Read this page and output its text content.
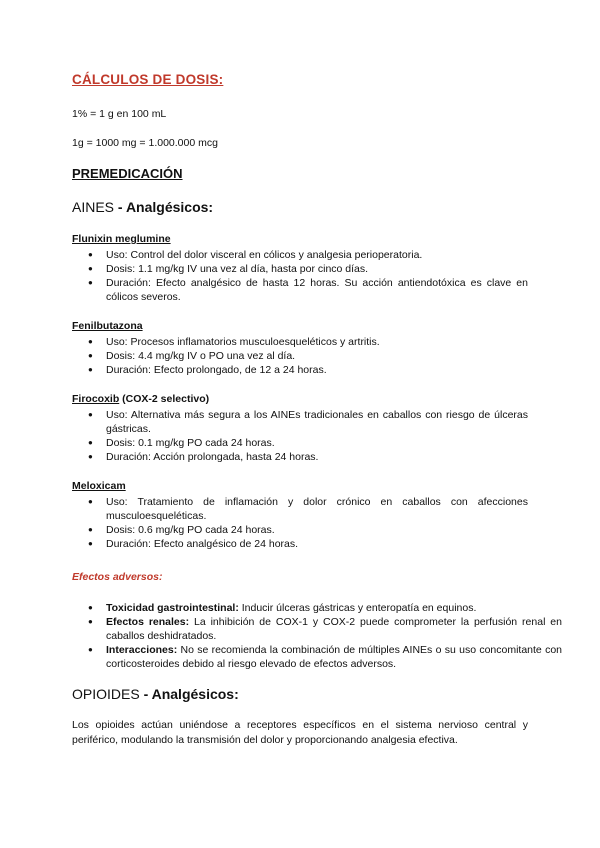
CÁLCULOS DE DOSIS:
1% = 1 g en 100 mL
1g = 1000 mg = 1.000.000 mcg
PREMEDICACIÓN
AINES - Analgésicos:
Flunixin meglumine
● Uso: Control del dolor visceral en cólicos y analgesia perioperatoria.
● Dosis: 1.1 mg/kg IV una vez al día, hasta por cinco días.
● Duración: Efecto analgésico de hasta 12 horas. Su acción antiendotóxica es clave en cólicos severos.
Fenilbutazona
● Uso: Procesos inflamatorios musculoesqueléticos y artritis.
● Dosis: 4.4 mg/kg IV o PO una vez al día.
● Duración: Efecto prolongado, de 12 a 24 horas.
Firocoxib (COX-2 selectivo)
● Uso: Alternativa más segura a los AINEs tradicionales en caballos con riesgo de úlceras gástricas.
● Dosis: 0.1 mg/kg PO cada 24 horas.
● Duración: Acción prolongada, hasta 24 horas.
Meloxicam
● Uso: Tratamiento de inflamación y dolor crónico en caballos con afecciones musculoesqueléticas.
● Dosis: 0.6 mg/kg PO cada 24 horas.
● Duración: Efecto analgésico de 24 horas.
Efectos adversos:
● Toxicidad gastrointestinal: Inducir úlceras gástricas y enteropatía en equinos.
● Efectos renales: La inhibición de COX-1 y COX-2 puede comprometer la perfusión renal en caballos deshidratados.
● Interacciones: No se recomienda la combinación de múltiples AINEs o su uso concomitante con corticosteroides debido al riesgo elevado de efectos adversos.
OPIOIDES - Analgésicos:
Los opioides actúan uniéndose a receptores específicos en el sistema nervioso central y periférico, modulando la transmisión del dolor y proporcionando analgesia efectiva.
